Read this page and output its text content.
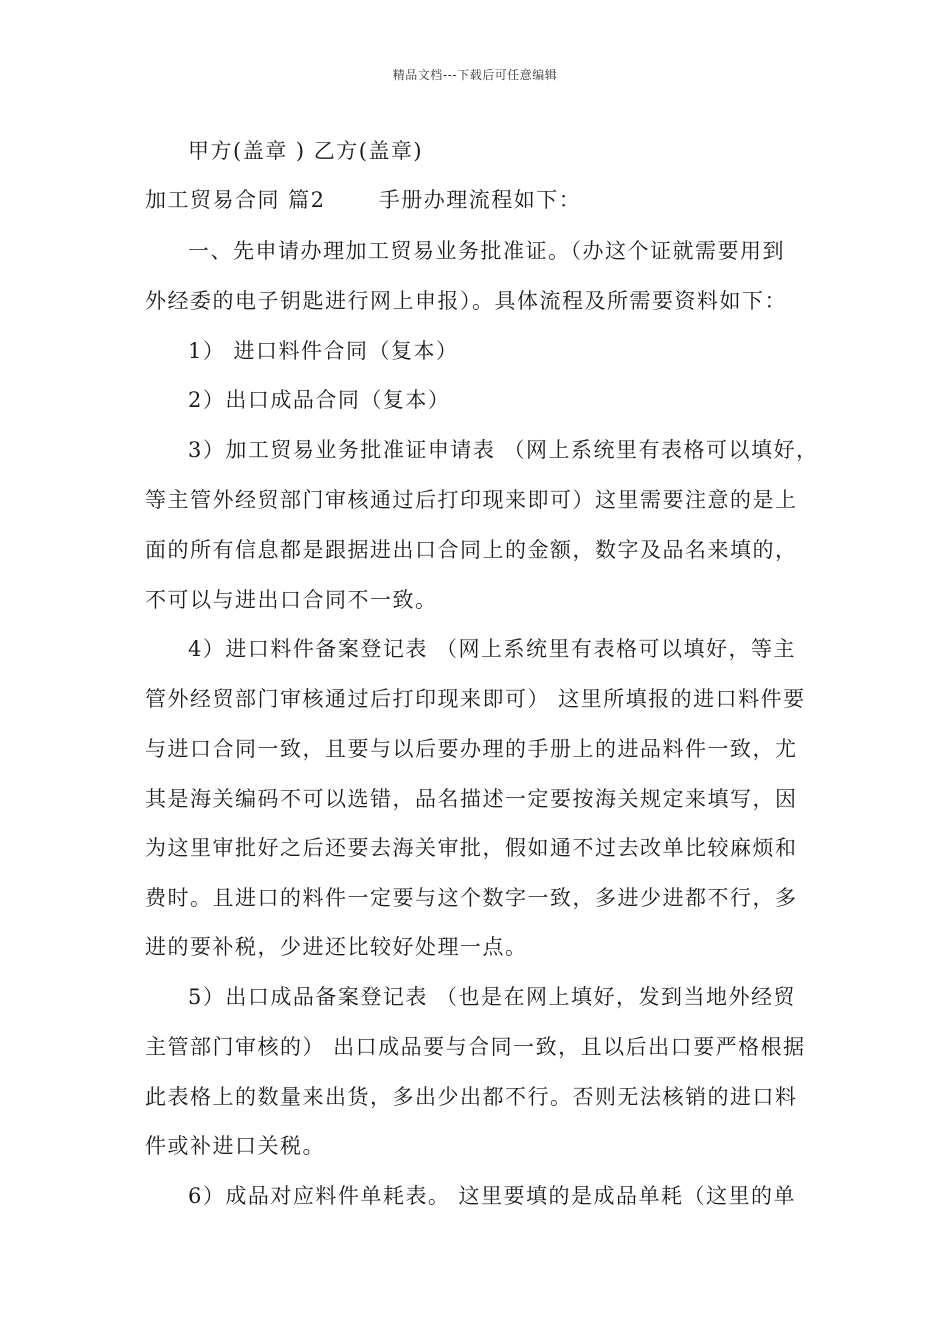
精品文档---下载后可任意编辑
甲方(盖章 ) 乙方(盖章)
加工贸易合同 篇2　　 手册办理流程如下：
一、先申请办理加工贸易业务批准证。（办这个证就需要用到
外经委的电子钥匙进行网上申报）。具体流程及所需要资料如下：
1） 进口料件合同（复本）
2）出口成品合同（复本）
3）加工贸易业务批准证申请表 （网上系统里有表格可以填好，
等主管外经贸部门审核通过后打印现来即可）这里需要注意的是上
面的所有信息都是跟据进出口合同上的金额，数字及品名来填的，
不可以与进出口合同不一致。
4）进口料件备案登记表 （网上系统里有表格可以填好，等主
管外经贸部门审核通过后打印现来即可） 这里所填报的进口料件要
与进口合同一致，且要与以后要办理的手册上的进品料件一致，尤
其是海关编码不可以选错，品名描述一定要按海关规定来填写，因
为这里审批好之后还要去海关审批，假如通不过去改单比较麻烦和
费时。且进口的料件一定要与这个数字一致，多进少进都不行，多
进的要补税，少进还比较好处理一点。
5）出口成品备案登记表 （也是在网上填好，发到当地外经贸
主管部门审核的） 出口成品要与合同一致，且以后出口要严格根据
此表格上的数量来出货，多出少出都不行。否则无法核销的进口料
件或补进口关税。
6）成品对应料件单耗表。 这里要填的是成品单耗（这里的单
